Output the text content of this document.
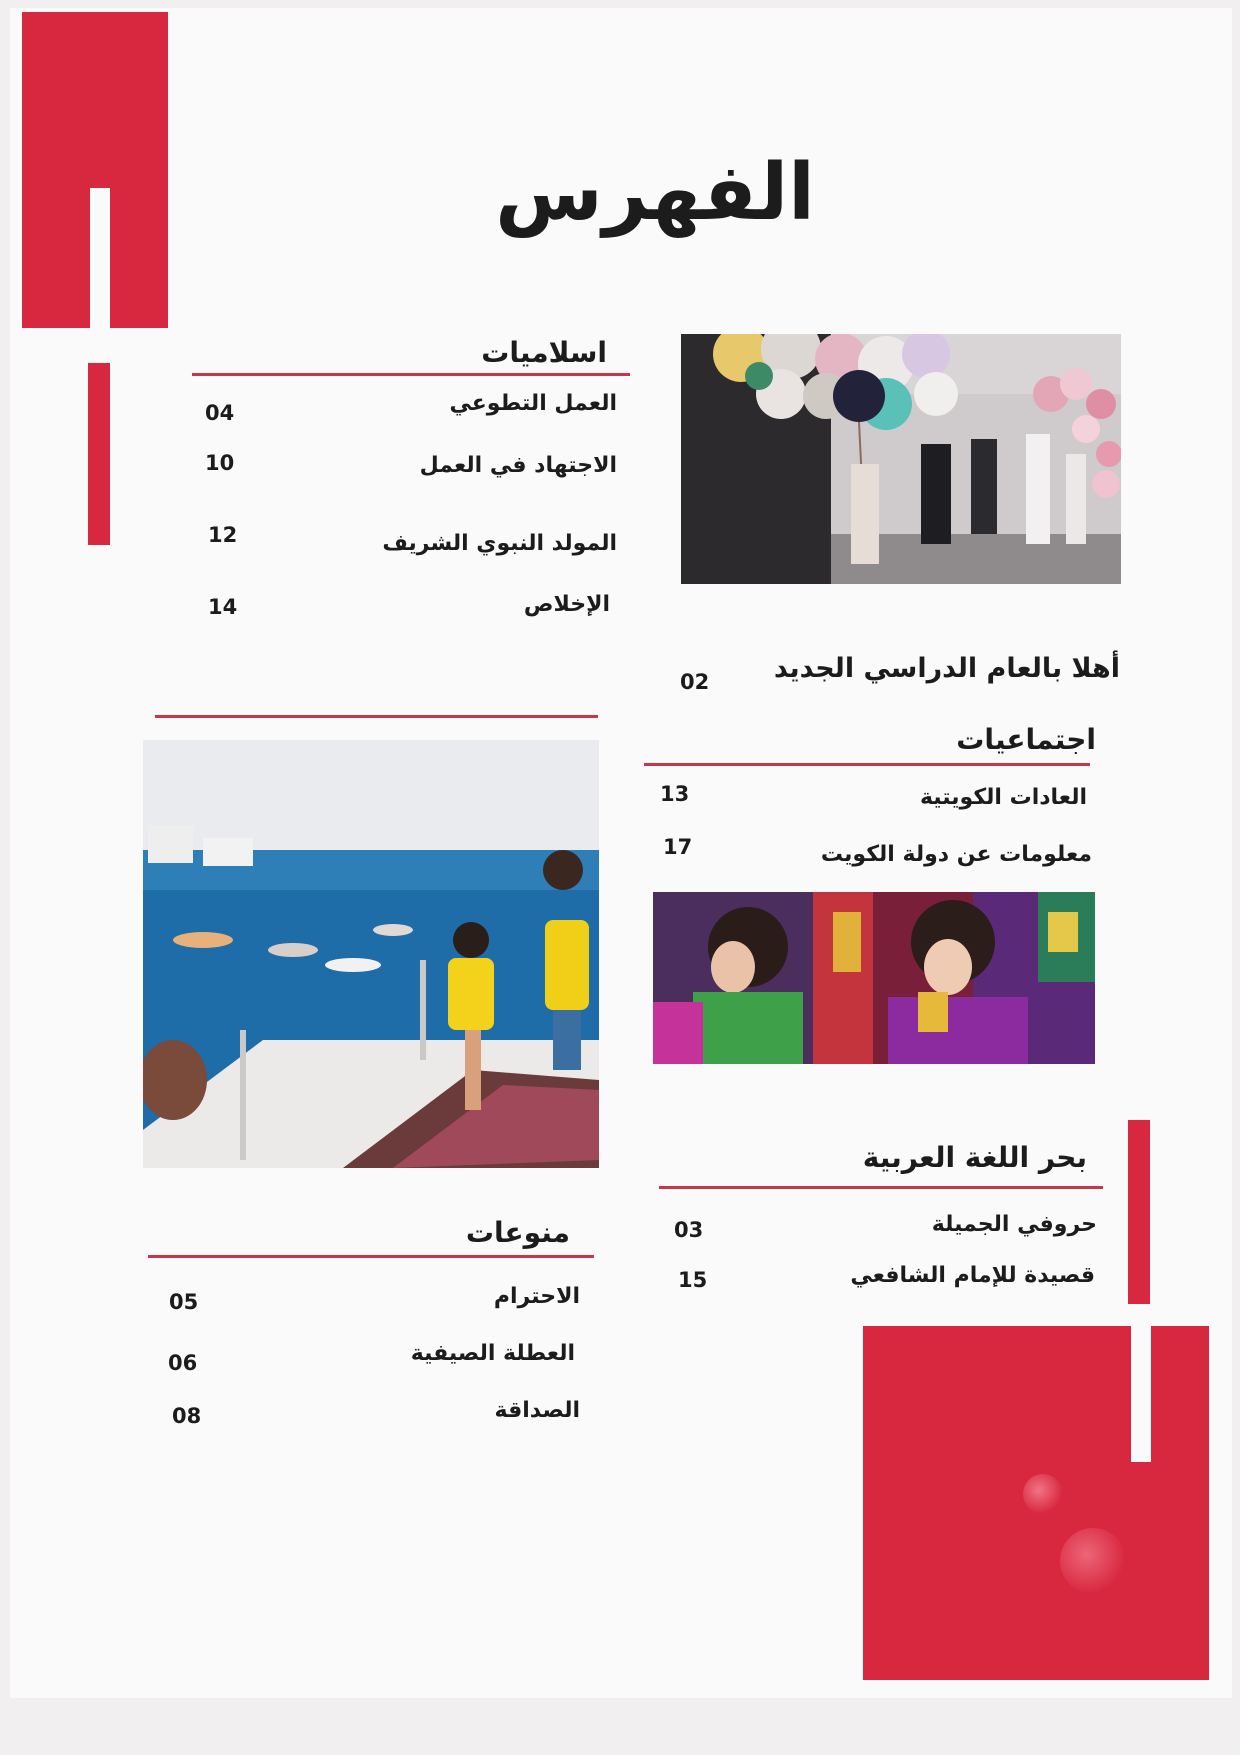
الفهرس
اسلاميات
العمل التطوعي
04
الاجتهاد في العمل
10
المولد النبوي الشريف
12
الإخلاص
14
أهلا بالعام الدراسي الجديد
02
اجتماعيات
العادات الكويتية
13
معلومات عن دولة الكويت
17
بحر اللغة العربية
حروفي الجميلة
03
قصيدة للإمام الشافعي
15
منوعات
الاحترام
05
العطلة الصيفية
06
الصداقة
08
